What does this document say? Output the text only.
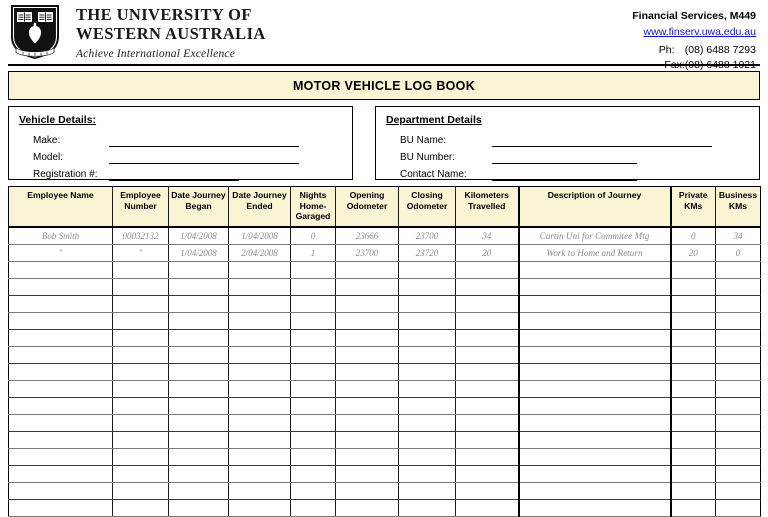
THE UNIVERSITY OF
WESTERN AUSTRALIA
Achieve International Excellence
Financial Services, M449
www.finserv.uwa.edu.au
Ph: (08) 6488 7293
Fax:(08) 6488 1021
MOTOR VEHICLE LOG BOOK
Vehicle Details:
Make:
Model:
Registration #:
Department Details
BU Name:
BU Number:
Contact Name:
Employee Name	Employee Number	Date Journey Began	Date Journey Ended	Nights Home-Garaged	Opening Odometer	Closing Odometer	Kilometers Travelled	Description of Journey	Private KMs	Business KMs
Bob Smith	00032132	1/04/2008	1/04/2008	0	23666	23700	34	Curtin Uni for Commitee Mtg	0	34
"	"	1/04/2008	2/04/2008	1	23700	23720	20	Work to Home and Return	20	0
